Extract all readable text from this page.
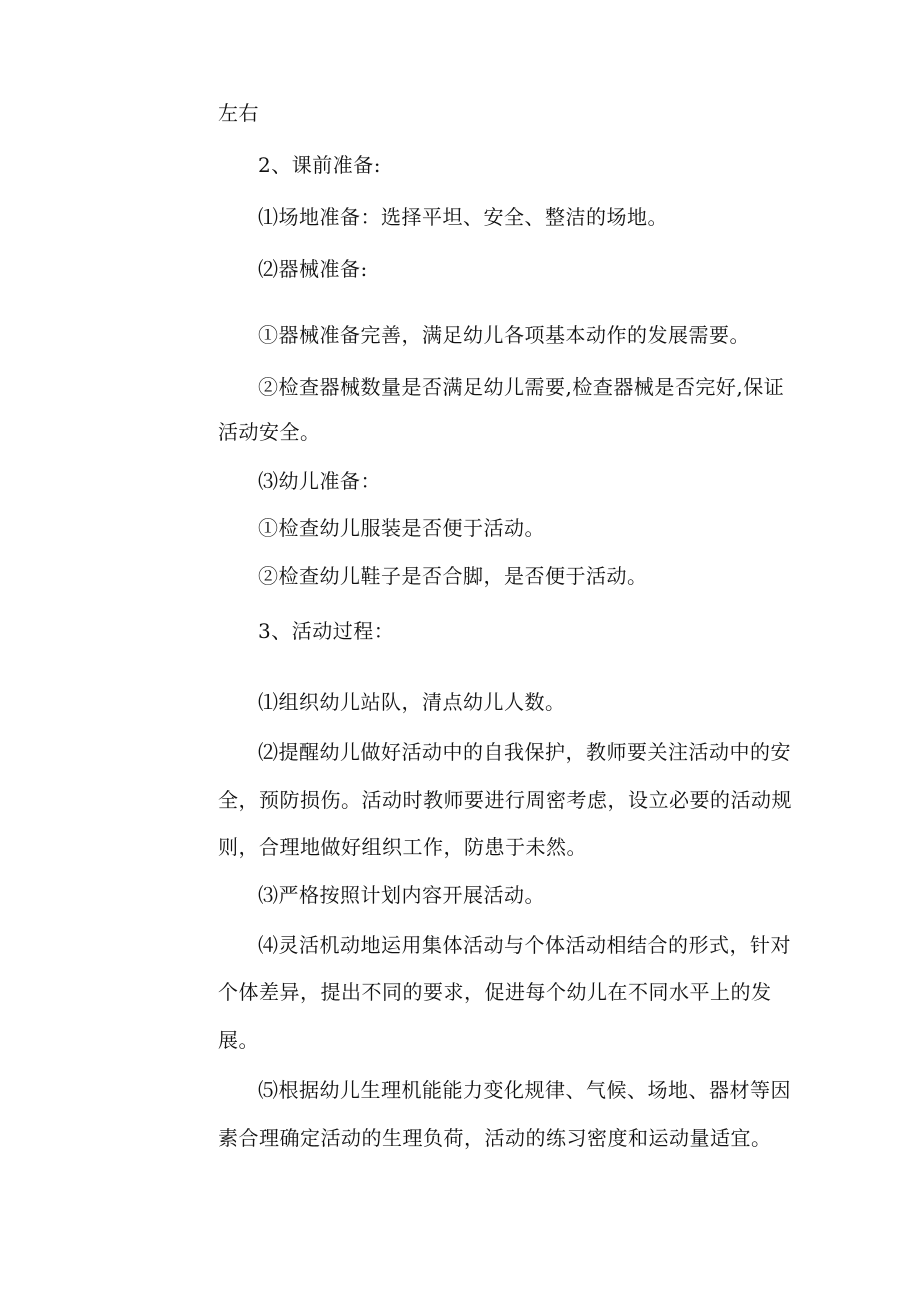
左右
2、课前准备:
⑴场地准备：选择平坦、安全、整洁的场地。
⑵器械准备:
①器械准备完善，满足幼儿各项基本动作的发展需要。
②检查器械数量是否满足幼儿需要,检查器械是否完好,保证
活动安全。
⑶幼儿准备：
①检查幼儿服装是否便于活动。
②检查幼儿鞋子是否合脚，是否便于活动。
3、活动过程：
⑴组织幼儿站队，清点幼儿人数。
⑵提醒幼儿做好活动中的自我保护，教师要关注活动中的安
全，预防损伤。活动时教师要进行周密考虑，设立必要的活动规
则，合理地做好组织工作，防患于未然。
⑶严格按照计划内容开展活动。
⑷灵活机动地运用集体活动与个体活动相结合的形式，针对
个体差异，提出不同的要求，促进每个幼儿在不同水平上的发
展。
⑸根据幼儿生理机能能力变化规律、气候、场地、器材等因
素合理确定活动的生理负荷，活动的练习密度和运动量适宜。
